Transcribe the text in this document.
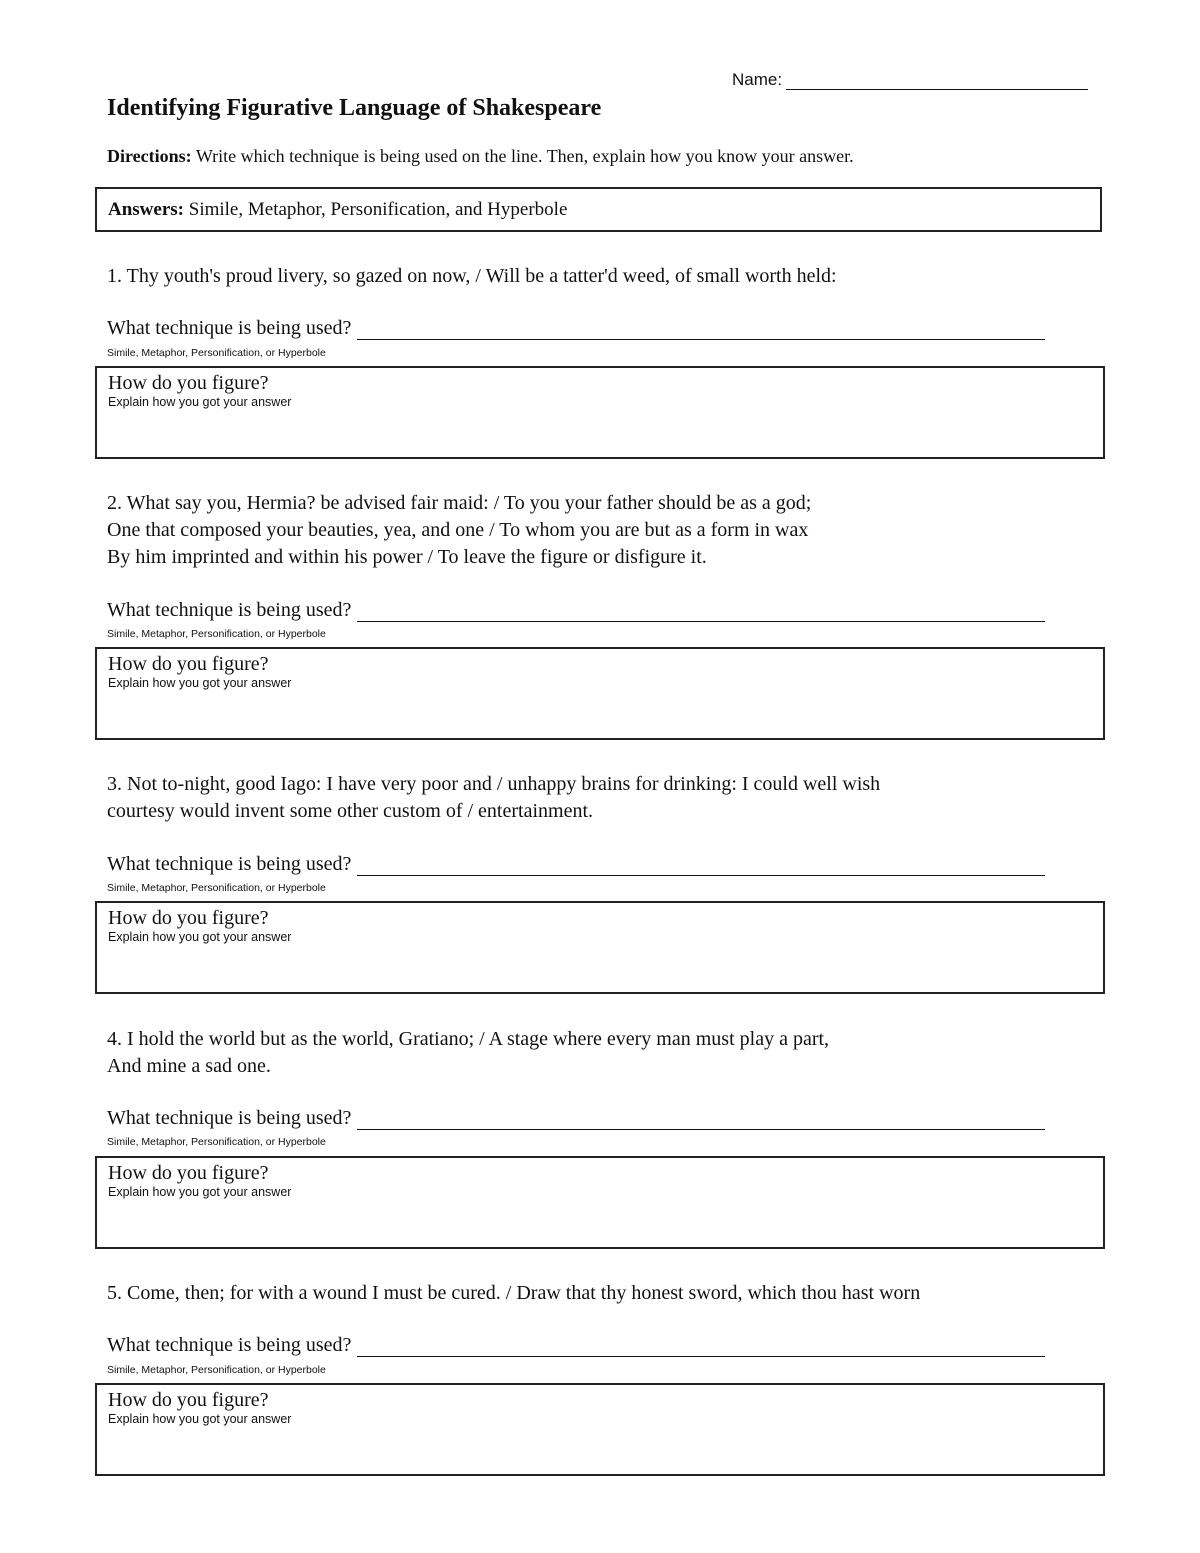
Name:
Identifying Figurative Language of Shakespeare
Directions: Write which technique is being used on the line. Then, explain how you know your answer.
Answers: Simile, Metaphor, Personification, and Hyperbole
1. Thy youth's proud livery, so gazed on now, / Will be a tatter'd weed, of small worth held:
What technique is being used?
Simile, Metaphor, Personification, or Hyperbole
How do you figure?
Explain how you got your answer
2. What say you, Hermia? be advised fair maid: / To you your father should be as a god;
One that composed your beauties, yea, and one / To whom you are but as a form in wax
By him imprinted and within his power / To leave the figure or disfigure it.
What technique is being used?
Simile, Metaphor, Personification, or Hyperbole
How do you figure?
Explain how you got your answer
3. Not to-night, good Iago: I have very poor and / unhappy brains for drinking: I could well wish
courtesy would invent some other custom of / entertainment.
What technique is being used?
Simile, Metaphor, Personification, or Hyperbole
How do you figure?
Explain how you got your answer
4. I hold the world but as the world, Gratiano; / A stage where every man must play a part,
And mine a sad one.
What technique is being used?
Simile, Metaphor, Personification, or Hyperbole
How do you figure?
Explain how you got your answer
5. Come, then; for with a wound I must be cured. / Draw that thy honest sword, which thou hast worn
What technique is being used?
Simile, Metaphor, Personification, or Hyperbole
How do you figure?
Explain how you got your answer
